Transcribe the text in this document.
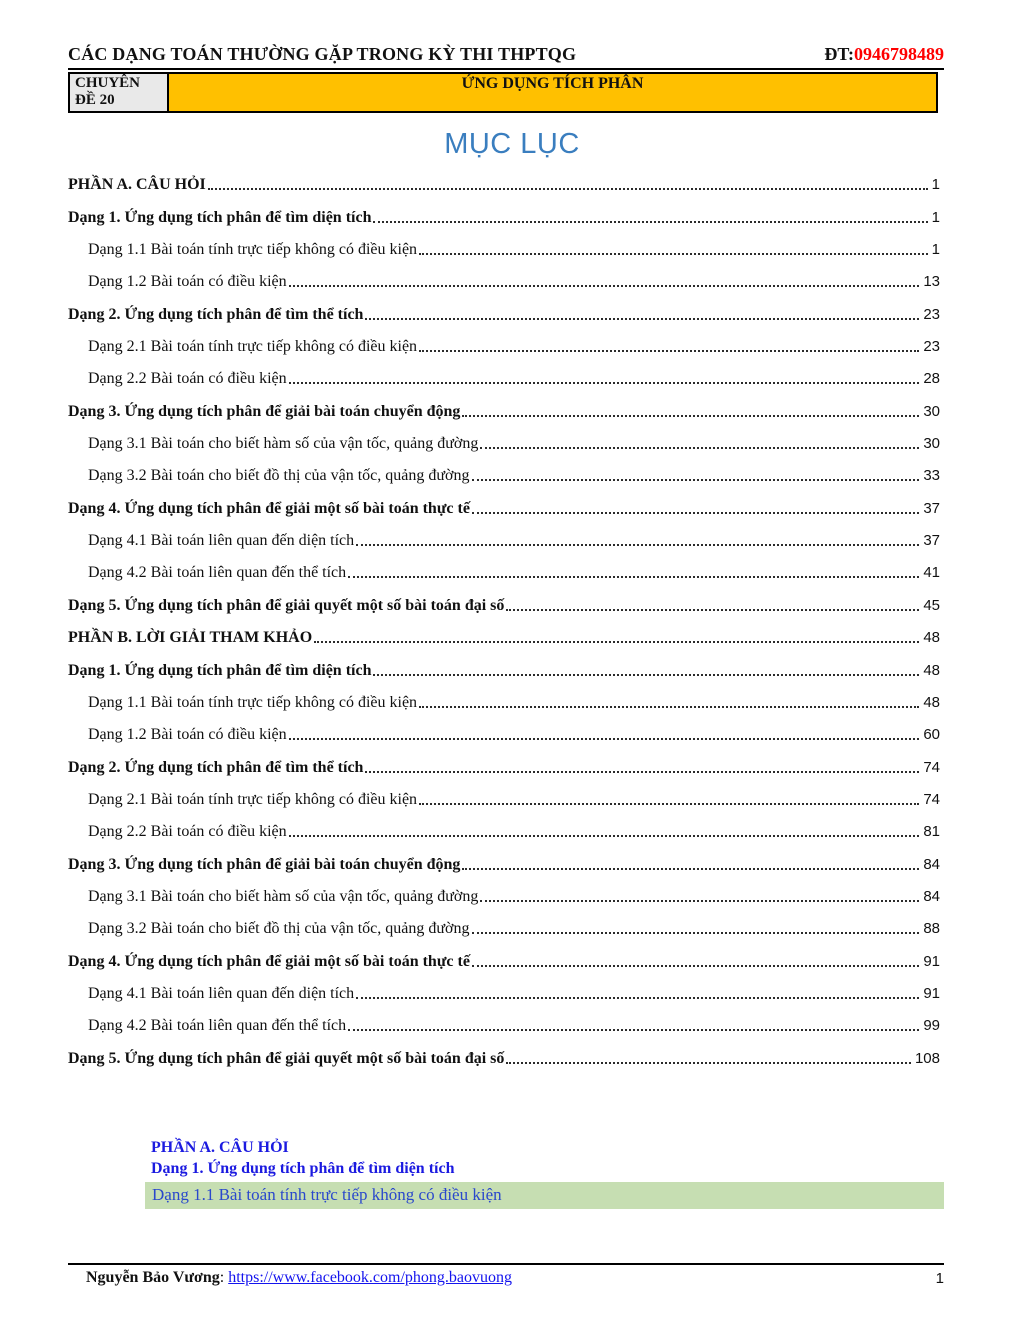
CÁC DẠNG TOÁN THƯỜNG GẶP TRONG KỲ THI THPTQG	ĐT:0946798489
CHUYÊN
ĐỀ 20
ỨNG DỤNG TÍCH PHÂN
MỤC LỤC
PHẦN A. CÂU HỎI	1
Dạng 1. Ứng dụng tích phân để tìm diện tích	1
Dạng 1.1 Bài toán tính trực tiếp không có điều kiện	1
Dạng 1.2 Bài toán có điều kiện	13
Dạng 2. Ứng dụng tích phân để tìm thể tích	23
Dạng 2.1 Bài toán tính trực tiếp không có điều kiện	23
Dạng 2.2 Bài toán có điều kiện	28
Dạng 3. Ứng dụng tích phân để giải bài toán chuyển động	30
Dạng 3.1 Bài toán cho biết hàm số của vận tốc, quảng đường	30
Dạng 3.2 Bài toán cho biết đồ thị của vận tốc, quảng đường	33
Dạng 4. Ứng dụng tích phân để giải một số bài toán thực tế	37
Dạng 4.1 Bài toán liên quan đến diện tích	37
Dạng 4.2 Bài toán liên quan đến thể tích	41
Dạng 5. Ứng dụng tích phân để giải quyết một số bài toán đại số	45
PHẦN B. LỜI GIẢI THAM KHẢO	48
Dạng 1. Ứng dụng tích phân để tìm diện tích	48
Dạng 1.1 Bài toán tính trực tiếp không có điều kiện	48
Dạng 1.2 Bài toán có điều kiện	60
Dạng 2. Ứng dụng tích phân để tìm thể tích	74
Dạng 2.1 Bài toán tính trực tiếp không có điều kiện	74
Dạng 2.2 Bài toán có điều kiện	81
Dạng 3. Ứng dụng tích phân để giải bài toán chuyển động	84
Dạng 3.1 Bài toán cho biết hàm số của vận tốc, quảng đường	84
Dạng 3.2 Bài toán cho biết đồ thị của vận tốc, quảng đường	88
Dạng 4. Ứng dụng tích phân để giải một số bài toán thực tế	91
Dạng 4.1 Bài toán liên quan đến diện tích	91
Dạng 4.2 Bài toán liên quan đến thể tích	99
Dạng 5. Ứng dụng tích phân để giải quyết một số bài toán đại số	108
PHẦN A. CÂU HỎI
Dạng 1. Ứng dụng tích phân để tìm diện tích
Dạng 1.1 Bài toán tính trực tiếp không có điều kiện
Nguyễn Bảo Vương: https://www.facebook.com/phong.baovuong	1
